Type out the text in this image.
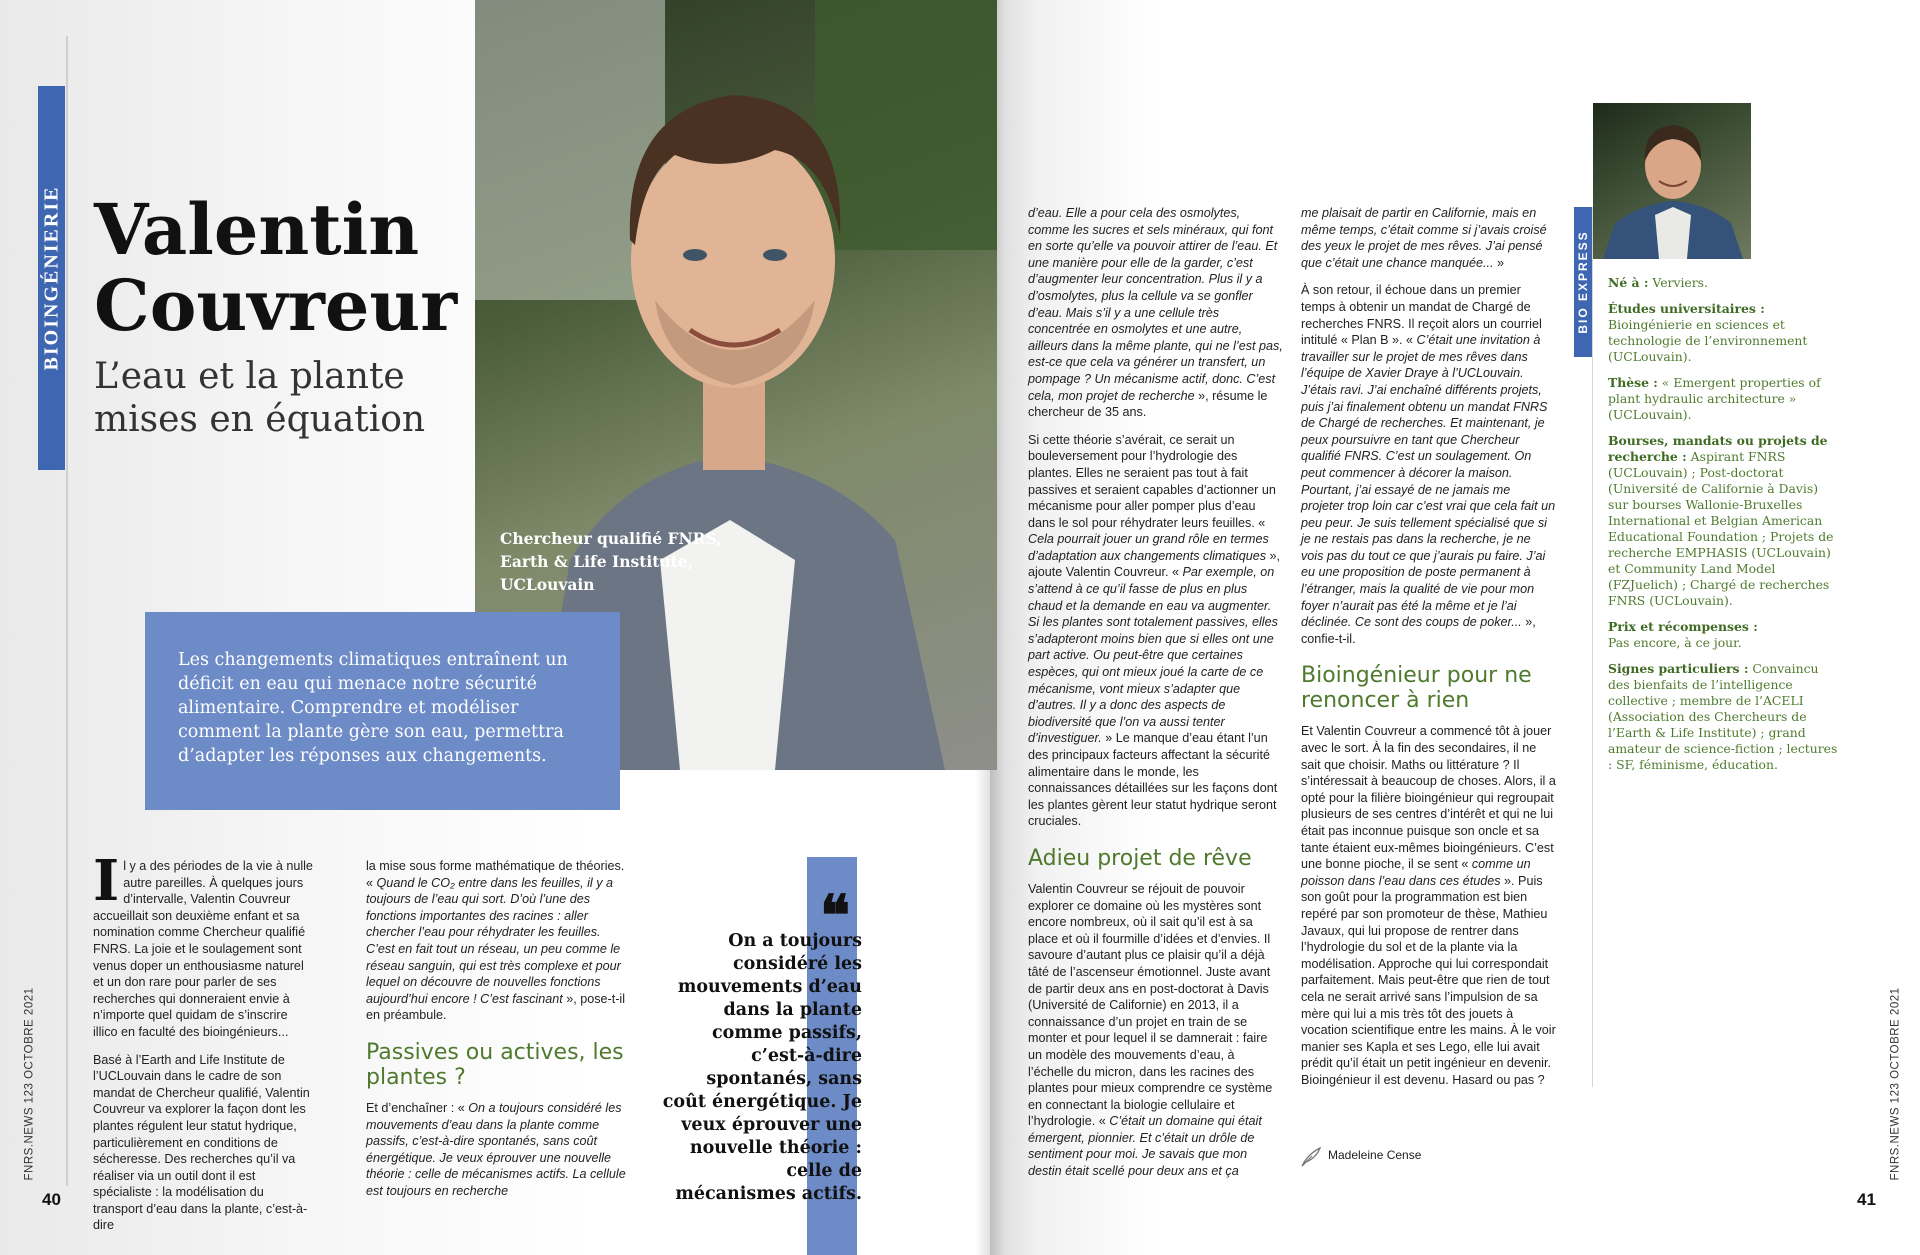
BIOINGÉNIERIE Valentin
Couvreur
L’eau et la plante
mises en équation
Chercheur qualifié FNRS,
Earth & Life Institute,
UCLouvain
Les changements climatiques entraînent un déficit en eau qui menace notre sécurité alimentaire. Comprendre et modéliser comment la plante gère son eau, permettra d’adapter les réponses aux changements.

Il y a des périodes de la vie à nulle autre pareilles. À quelques jours d’intervalle, Valentin Couvreur accueillait son deuxième enfant et sa nomination comme Chercheur qualifié FNRS. La joie et le soulagement sont venus doper un enthousiasme naturel et un don rare pour parler de ses recherches qui donneraient envie à n’importe quel quidam de s’inscrire illico en faculté des bioingénieurs...

Basé à l’Earth and Life Institute de l’UCLouvain dans le cadre de son mandat de Chercheur qualifié, Valentin Couvreur va explorer la façon dont les plantes régulent leur statut hydrique, particulièrement en conditions de sécheresse. Des recherches qu’il va réaliser via un outil dont il est spécialiste : la modélisation du transport d’eau dans la plante, c’est-à-dire

la mise sous forme mathématique de théories. « Quand le CO₂ entre dans les feuilles, il y a toujours de l’eau qui sort. D’où l’une des fonctions importantes des racines : aller chercher l’eau pour réhydrater les feuilles. C’est en fait tout un réseau, un peu comme le réseau sanguin, qui est très complexe et pour lequel on découvre de nouvelles fonctions aujourd’hui encore ! C’est fascinant », pose-t-il en préambule.

Passives ou actives, les plantes ?

Et d’enchaîner : « On a toujours considéré les mouvements d’eau dans la plante comme passifs, c’est-à-dire spontanés, sans coût énergétique. Je veux éprouver une nouvelle théorie : celle de mécanismes actifs. La cellule est toujours en recherche

❝
On a toujours considéré les mouvements d’eau dans la plante comme passifs, c’est-à-dire spontanés, sans coût énergétique. Je veux éprouver une nouvelle théorie : celle de mécanismes actifs.
FNRS.NEWS 123 OCTOBRE 2021
40

d’eau. Elle a pour cela des osmolytes, comme les sucres et sels minéraux, qui font en sorte qu’elle va pouvoir attirer de l’eau. Et une manière pour elle de la garder, c’est d’augmenter leur concentration. Plus il y a d’osmolytes, plus la cellule va se gonfler d’eau. Mais s’il y a une cellule très concentrée en osmolytes et une autre, ailleurs dans la même plante, qui ne l’est pas, est-ce que cela va générer un transfert, un pompage ? Un mécanisme actif, donc. C’est cela, mon projet de recherche », résume le chercheur de 35 ans.

Si cette théorie s’avérait, ce serait un bouleversement pour l’hydrologie des plantes. Elles ne seraient pas tout à fait passives et seraient capables d’actionner un mécanisme pour aller pomper plus d’eau dans le sol pour réhydrater leurs feuilles. « Cela pourrait jouer un grand rôle en termes d’adaptation aux changements climatiques », ajoute Valentin Couvreur. « Par exemple, on s’attend à ce qu’il fasse de plus en plus chaud et la demande en eau va augmenter. Si les plantes sont totalement passives, elles s’adapteront moins bien que si elles ont une part active. Ou peut-être que certaines espèces, qui ont mieux joué la carte de ce mécanisme, vont mieux s’adapter que d’autres. Il y a donc des aspects de biodiversité que l’on va aussi tenter d’investiguer. » Le manque d’eau étant l’un des principaux facteurs affectant la sécurité alimentaire dans le monde, les connaissances détaillées sur les façons dont les plantes gèrent leur statut hydrique seront cruciales.

Adieu projet de rêve

Valentin Couvreur se réjouit de pouvoir explorer ce domaine où les mystères sont encore nombreux, où il sait qu’il est à sa place et où il fourmille d’idées et d’envies. Il savoure d’autant plus ce plaisir qu’il a déjà tâté de l’ascenseur émotionnel. Juste avant de partir deux ans en post-doctorat à Davis (Université de Californie) en 2013, il a connaissance d’un projet en train de se monter et pour lequel il se damnerait : faire un modèle des mouvements d’eau, à l’échelle du micron, dans les racines des plantes pour mieux comprendre ce système en connectant la biologie cellulaire et l’hydrologie. « C’était un domaine qui était émergent, pionnier. Et c’était un drôle de sentiment pour moi. Je savais que mon destin était scellé pour deux ans et ça

me plaisait de partir en Californie, mais en même temps, c’était comme si j’avais croisé des yeux le projet de mes rêves. J’ai pensé que c’était une chance manquée... »

À son retour, il échoue dans un premier temps à obtenir un mandat de Chargé de recherches FNRS. Il reçoit alors un courriel intitulé « Plan B ». « C’était une invitation à travailler sur le projet de mes rêves dans l’équipe de Xavier Draye à l’UCLouvain. J’étais ravi. J’ai enchaîné différents projets, puis j’ai finalement obtenu un mandat FNRS de Chargé de recherches. Et maintenant, je peux poursuivre en tant que Chercheur qualifié FNRS. C’est un soulagement. On peut commencer à décorer la maison. Pourtant, j’ai essayé de ne jamais me projeter trop loin car c’est vrai que cela fait un peu peur. Je suis tellement spécialisé que si je ne restais pas dans la recherche, je ne vois pas du tout ce que j’aurais pu faire. J’ai eu une proposition de poste permanent à l’étranger, mais la qualité de vie pour mon foyer n’aurait pas été la même et je l’ai déclinée. Ce sont des coups de poker... », confie-t-il.

Bioingénieur pour ne renoncer à rien

Et Valentin Couvreur a commencé tôt à jouer avec le sort. À la fin des secondaires, il ne sait que choisir. Maths ou littérature ? Il s’intéressait à beaucoup de choses. Alors, il a opté pour la filière bioingénieur qui regroupait plusieurs de ses centres d’intérêt et qui ne lui était pas inconnue puisque son oncle et sa tante étaient eux-mêmes bioingénieurs. C’est une bonne pioche, il se sent « comme un poisson dans l’eau dans ces études ». Puis son goût pour la programmation est bien repéré par son promoteur de thèse, Mathieu Javaux, qui lui propose de rentrer dans l’hydrologie du sol et de la plante via la modélisation. Approche qui lui correspondait parfaitement. Mais peut-être que rien de tout cela ne serait arrivé sans l’impulsion de sa mère qui lui a mis très tôt des jouets à vocation scientifique entre les mains. À le voir manier ses Kapla et ses Lego, elle lui avait prédit qu’il était un petit ingénieur en devenir. Bioingénieur il est devenu. Hasard ou pas ?

Madeleine Cense
BIO EXPRESS Né à : Verviers.

Études universitaires :
Bioingénierie en sciences et technologie de l’environnement (UCLouvain).

Thèse : « Emergent properties of plant hydraulic architecture » (UCLouvain).

Bourses, mandats ou projets de recherche : Aspirant FNRS (UCLouvain) ; Post-doctorat (Université de Californie à Davis) sur bourses Wallonie-Bruxelles International et Belgian American Educational Foundation ; Projets de recherche EMPHASIS (UCLouvain) et Community Land Model (FZJuelich) ; Chargé de recherches FNRS (UCLouvain).

Prix et récompenses :
Pas encore, à ce jour.

Signes particuliers : Convaincu des bienfaits de l’intelligence collective ; membre de l’ACELI (Association des Chercheurs de l’Earth & Life Institute) ; grand amateur de science-fiction ; lectures : SF, féminisme, éducation.

FNRS.NEWS 123 OCTOBRE 2021
41
